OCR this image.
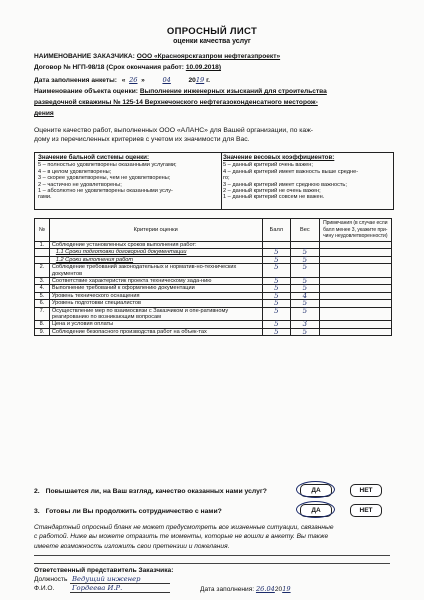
ОПРОСНЫЙ ЛИСТ
оценки качества услуг
НАИМЕНОВАНИЕ ЗАКАЗЧИКА: ООО «Красноярскгазпром нефтегазпроект»
Договор № НГП-98/18 (Срок окончания работ: 10.09.2018)
Дата заполнения анкеты: « 26 »	04	2019 г.
Наименование объекта оценки: Выполнение инженерных изысканий для строительства
разведочной скважины № 125-14 Верхнечонского нефтегазоконденсатного месторож-
дения
Оцените качество работ, выполненных ООО «АЛАНС» для Вашей организации, по каж-
дому из перечисленных критериев с учетом их значимости для Вас.
Значение бальной системы оценки:
5 – полностью удовлетворены оказанными услугами;
4 – в целом удовлетворены;
3 – скорее удовлетворены, чем не удовлетворены;
2 – частично не удовлетворены;
1 – абсолютно не удовлетворены оказанными услу-
гами.
Значение весовых коэффициентов:
5 – данный критерий очень важен;
4 – данный критерий имеет важность выше средне-
го;
3 – данный критерий имеет среднюю важность;
2 – данный критерий не очень важен;
1 – данный критерий совсем не важен.
№	Критерии оценки	Балл	Вес	Примечания (в случае если балл менее 3, укажите при-чину неудовлетворенности)
1.	Соблюдение установленных сроков выполнения работ:			
	1.1 Сроки подготовки договорной документации	5	5	
	1.2 Сроки выполнения работ	5	5	
2.	Соблюдение требований законодательных и норматив-но-технических документов	5	5	
3.	Соответствие характеристик проекта техническому зада-нию	5	5	
4.	Выполнение требований к оформлению документации	5	5	
5.	Уровень технического оснащения	5	4	
6.	Уровень подготовки специалистов	5	5	
7.	Осуществление мер по взаимосвязи с Заказчиком и опе-ративному реагированию по возникающим вопросам	5	5	
8.	Цена и условия оплаты	5	3	
9.	Соблюдение безопасного производства работ на объек-тах	5	5	
2. Повышается ли, на Ваш взгляд, качество оказанных нами услуг?	ДА	НЕТ
3. Готовы ли Вы продолжить сотрудничество с нами?	ДА	НЕТ
Стандартный опросный бланк не может предусмотреть все жизненные ситуации, связанные
с работой. Ниже вы можете отразить те моменты, которые не вошли в анкету. Вы также
имеете возможность изложить свои претензии и пожелания.
Ответственный представитель Заказчика:
Должность Ведущий инженер
Ф.И.О.	Гордеева И.Р.	Дата заполнения: 26.042019
